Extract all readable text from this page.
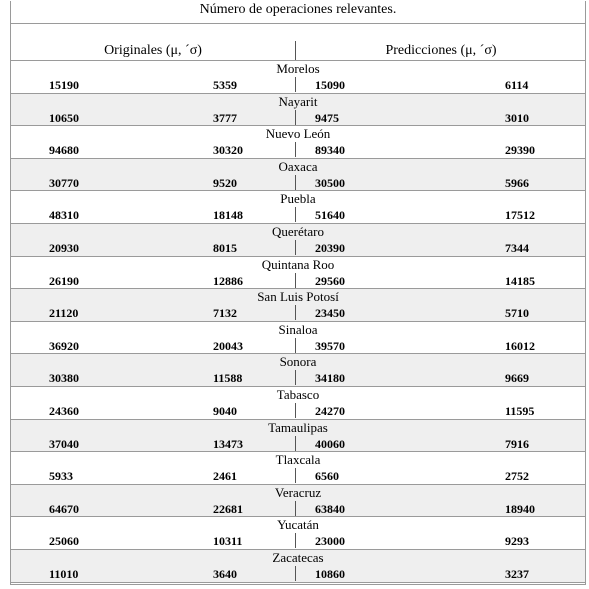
Número de operaciones relevantes.
Originales (μ, ˊσ)	Predicciones (μ, ˊσ)
Morelos
15190	5359	15090	6114
Nayarit
10650	3777	9475	3010
Nuevo León
94680	30320	89340	29390
Oaxaca
30770	9520	30500	5966
Puebla
48310	18148	51640	17512
Querétaro
20930	8015	20390	7344
Quintana Roo
26190	12886	29560	14185
San Luis Potosí
21120	7132	23450	5710
Sinaloa
36920	20043	39570	16012
Sonora
30380	11588	34180	9669
Tabasco
24360	9040	24270	11595
Tamaulipas
37040	13473	40060	7916
Tlaxcala
5933	2461	6560	2752
Veracruz
64670	22681	63840	18940
Yucatán
25060	10311	23000	9293
Zacatecas
11010	3640	10860	3237
